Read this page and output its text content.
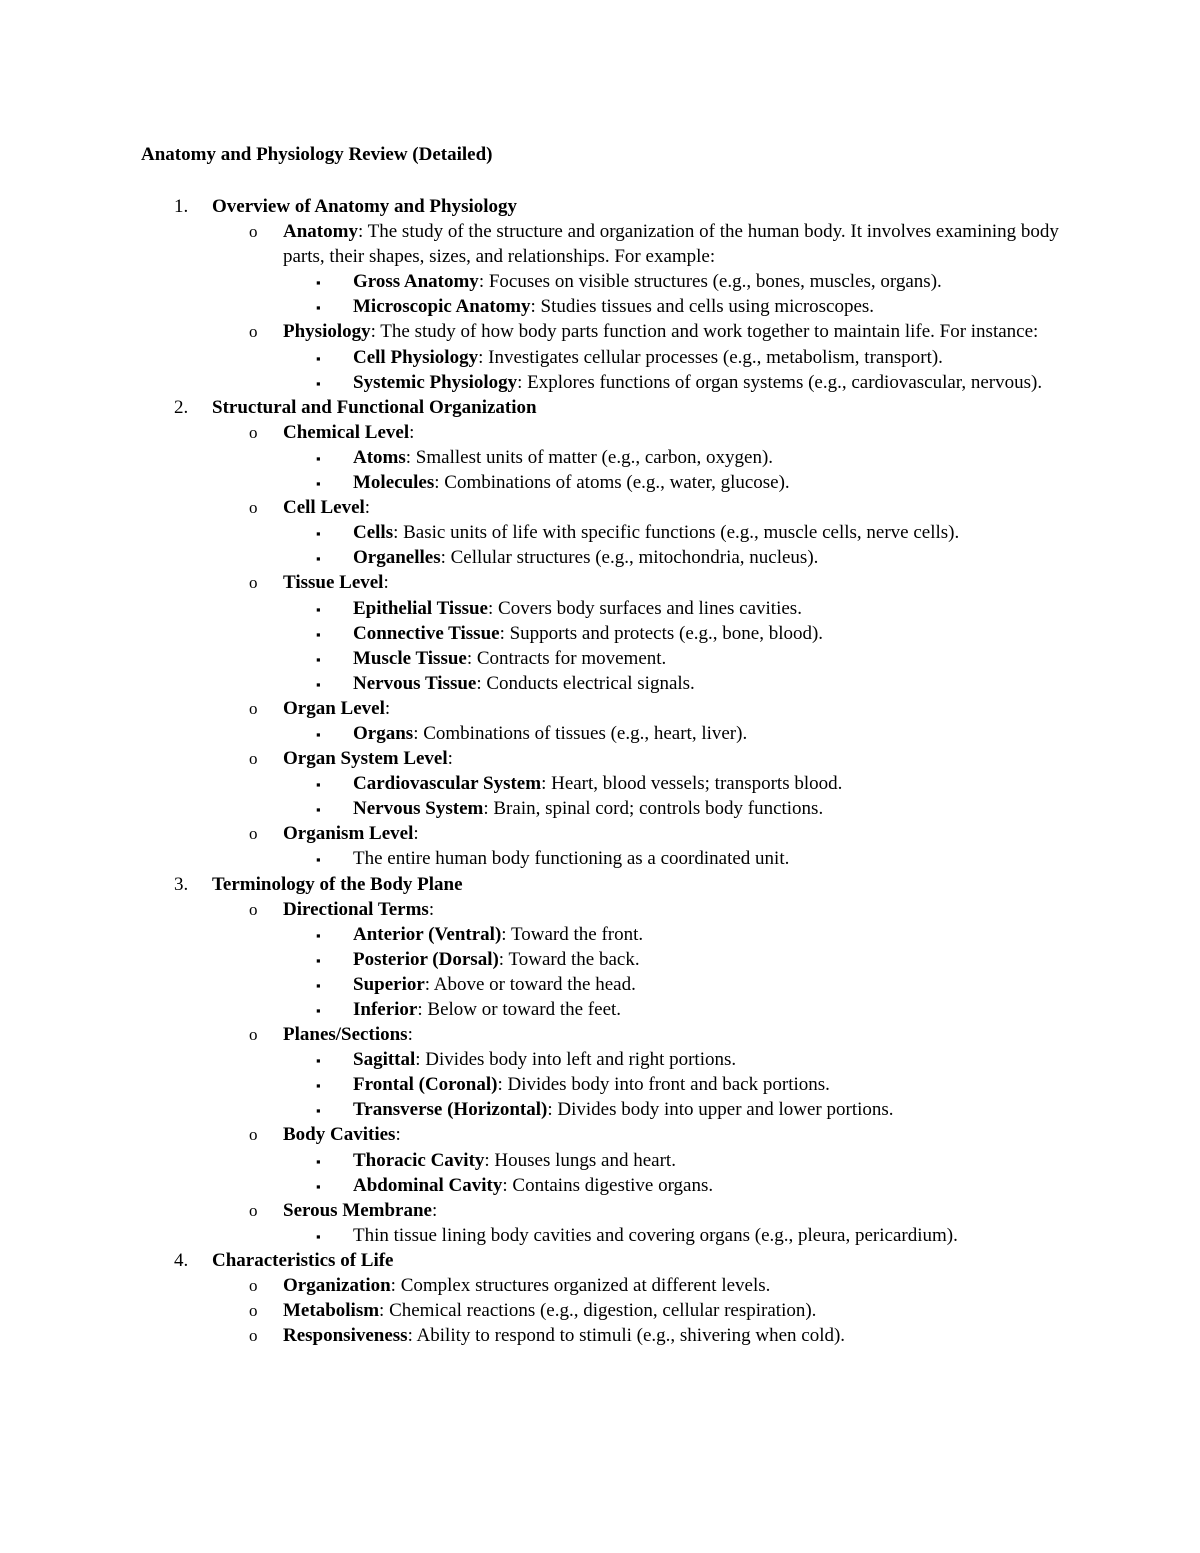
Anatomy and Physiology Review (Detailed)
1. Overview of Anatomy and Physiology
o Anatomy: The study of the structure and organization of the human body. It involves examining body parts, their shapes, sizes, and relationships. For example:
▪ Gross Anatomy: Focuses on visible structures (e.g., bones, muscles, organs).
▪ Microscopic Anatomy: Studies tissues and cells using microscopes.
o Physiology: The study of how body parts function and work together to maintain life. For instance:
▪ Cell Physiology: Investigates cellular processes (e.g., metabolism, transport).
▪ Systemic Physiology: Explores functions of organ systems (e.g., cardiovascular, nervous).
2. Structural and Functional Organization
o Chemical Level:
▪ Atoms: Smallest units of matter (e.g., carbon, oxygen).
▪ Molecules: Combinations of atoms (e.g., water, glucose).
o Cell Level:
▪ Cells: Basic units of life with specific functions (e.g., muscle cells, nerve cells).
▪ Organelles: Cellular structures (e.g., mitochondria, nucleus).
o Tissue Level:
▪ Epithelial Tissue: Covers body surfaces and lines cavities.
▪ Connective Tissue: Supports and protects (e.g., bone, blood).
▪ Muscle Tissue: Contracts for movement.
▪ Nervous Tissue: Conducts electrical signals.
o Organ Level:
▪ Organs: Combinations of tissues (e.g., heart, liver).
o Organ System Level:
▪ Cardiovascular System: Heart, blood vessels; transports blood.
▪ Nervous System: Brain, spinal cord; controls body functions.
o Organism Level:
▪ The entire human body functioning as a coordinated unit.
3. Terminology of the Body Plane
o Directional Terms:
▪ Anterior (Ventral): Toward the front.
▪ Posterior (Dorsal): Toward the back.
▪ Superior: Above or toward the head.
▪ Inferior: Below or toward the feet.
o Planes/Sections:
▪ Sagittal: Divides body into left and right portions.
▪ Frontal (Coronal): Divides body into front and back portions.
▪ Transverse (Horizontal): Divides body into upper and lower portions.
o Body Cavities:
▪ Thoracic Cavity: Houses lungs and heart.
▪ Abdominal Cavity: Contains digestive organs.
o Serous Membrane:
▪ Thin tissue lining body cavities and covering organs (e.g., pleura, pericardium).
4. Characteristics of Life
o Organization: Complex structures organized at different levels.
o Metabolism: Chemical reactions (e.g., digestion, cellular respiration).
o Responsiveness: Ability to respond to stimuli (e.g., shivering when cold).
